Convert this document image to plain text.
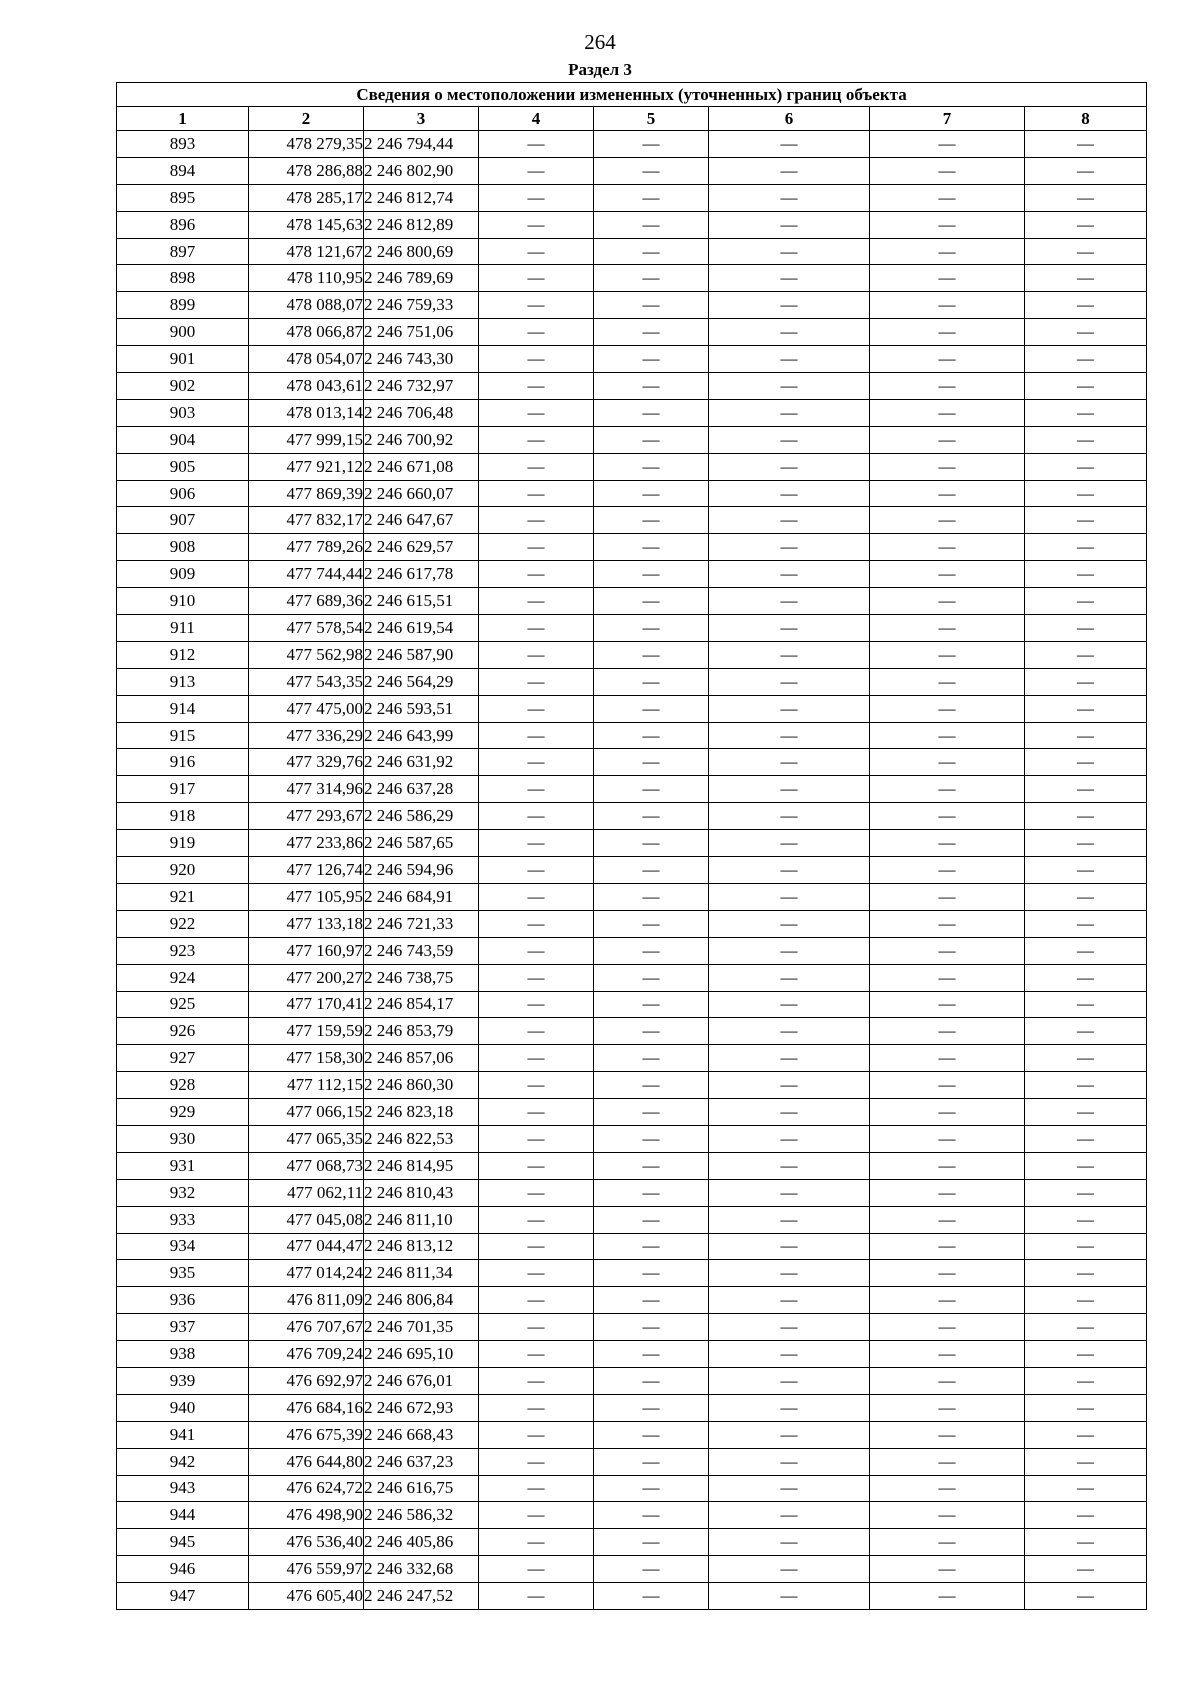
264
Раздел 3
Сведения о местоположении измененных (уточненных) границ объекта							
1	2	3	4	5	6	7	8
893	478 279,35	2 246 794,44	—	—	—	—	—
894	478 286,88	2 246 802,90	—	—	—	—	—
895	478 285,17	2 246 812,74	—	—	—	—	—
896	478 145,63	2 246 812,89	—	—	—	—	—
897	478 121,67	2 246 800,69	—	—	—	—	—
898	478 110,95	2 246 789,69	—	—	—	—	—
899	478 088,07	2 246 759,33	—	—	—	—	—
900	478 066,87	2 246 751,06	—	—	—	—	—
901	478 054,07	2 246 743,30	—	—	—	—	—
902	478 043,61	2 246 732,97	—	—	—	—	—
903	478 013,14	2 246 706,48	—	—	—	—	—
904	477 999,15	2 246 700,92	—	—	—	—	—
905	477 921,12	2 246 671,08	—	—	—	—	—
906	477 869,39	2 246 660,07	—	—	—	—	—
907	477 832,17	2 246 647,67	—	—	—	—	—
908	477 789,26	2 246 629,57	—	—	—	—	—
909	477 744,44	2 246 617,78	—	—	—	—	—
910	477 689,36	2 246 615,51	—	—	—	—	—
911	477 578,54	2 246 619,54	—	—	—	—	—
912	477 562,98	2 246 587,90	—	—	—	—	—
913	477 543,35	2 246 564,29	—	—	—	—	—
914	477 475,00	2 246 593,51	—	—	—	—	—
915	477 336,29	2 246 643,99	—	—	—	—	—
916	477 329,76	2 246 631,92	—	—	—	—	—
917	477 314,96	2 246 637,28	—	—	—	—	—
918	477 293,67	2 246 586,29	—	—	—	—	—
919	477 233,86	2 246 587,65	—	—	—	—	—
920	477 126,74	2 246 594,96	—	—	—	—	—
921	477 105,95	2 246 684,91	—	—	—	—	—
922	477 133,18	2 246 721,33	—	—	—	—	—
923	477 160,97	2 246 743,59	—	—	—	—	—
924	477 200,27	2 246 738,75	—	—	—	—	—
925	477 170,41	2 246 854,17	—	—	—	—	—
926	477 159,59	2 246 853,79	—	—	—	—	—
927	477 158,30	2 246 857,06	—	—	—	—	—
928	477 112,15	2 246 860,30	—	—	—	—	—
929	477 066,15	2 246 823,18	—	—	—	—	—
930	477 065,35	2 246 822,53	—	—	—	—	—
931	477 068,73	2 246 814,95	—	—	—	—	—
932	477 062,11	2 246 810,43	—	—	—	—	—
933	477 045,08	2 246 811,10	—	—	—	—	—
934	477 044,47	2 246 813,12	—	—	—	—	—
935	477 014,24	2 246 811,34	—	—	—	—	—
936	476 811,09	2 246 806,84	—	—	—	—	—
937	476 707,67	2 246 701,35	—	—	—	—	—
938	476 709,24	2 246 695,10	—	—	—	—	—
939	476 692,97	2 246 676,01	—	—	—	—	—
940	476 684,16	2 246 672,93	—	—	—	—	—
941	476 675,39	2 246 668,43	—	—	—	—	—
942	476 644,80	2 246 637,23	—	—	—	—	—
943	476 624,72	2 246 616,75	—	—	—	—	—
944	476 498,90	2 246 586,32	—	—	—	—	—
945	476 536,40	2 246 405,86	—	—	—	—	—
946	476 559,97	2 246 332,68	—	—	—	—	—
947	476 605,40	2 246 247,52	—	—	—	—	—
